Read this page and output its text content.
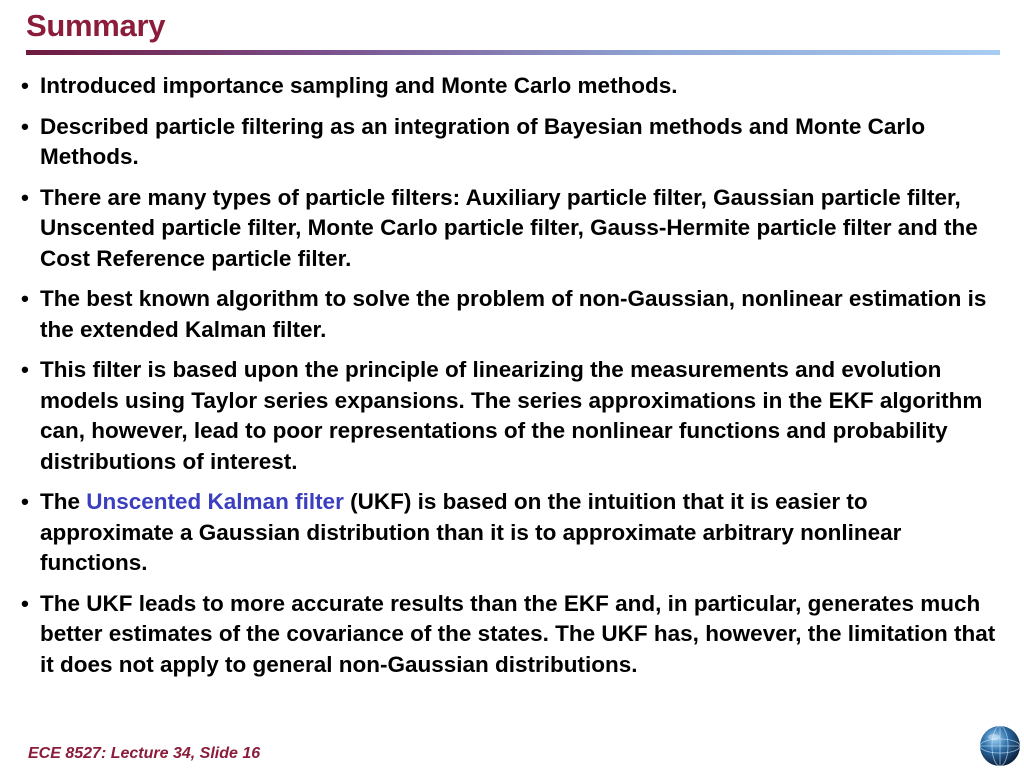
Summary
• Introduced importance sampling and Monte Carlo methods.
• Described particle filtering as an integration of Bayesian methods and Monte Carlo Methods.
• There are many types of particle filters: Auxiliary particle filter, Gaussian particle filter, Unscented particle filter, Monte Carlo particle filter, Gauss-Hermite particle filter and the Cost Reference particle filter.
• The best known algorithm to solve the problem of non-Gaussian, nonlinear estimation is the extended Kalman filter.
• This filter is based upon the principle of linearizing the measurements and evolution models using Taylor series expansions. The series approximations in the EKF algorithm can, however, lead to poor representations of the nonlinear functions and probability distributions of interest.
• The Unscented Kalman filter (UKF) is based on the intuition that it is easier to approximate a Gaussian distribution than it is to approximate arbitrary nonlinear functions.
• The UKF leads to more accurate results than the EKF and, in particular, generates much better estimates of the covariance of the states. The UKF has, however, the limitation that it does not apply to general non-Gaussian distributions.
ECE 8527: Lecture 34, Slide 16
